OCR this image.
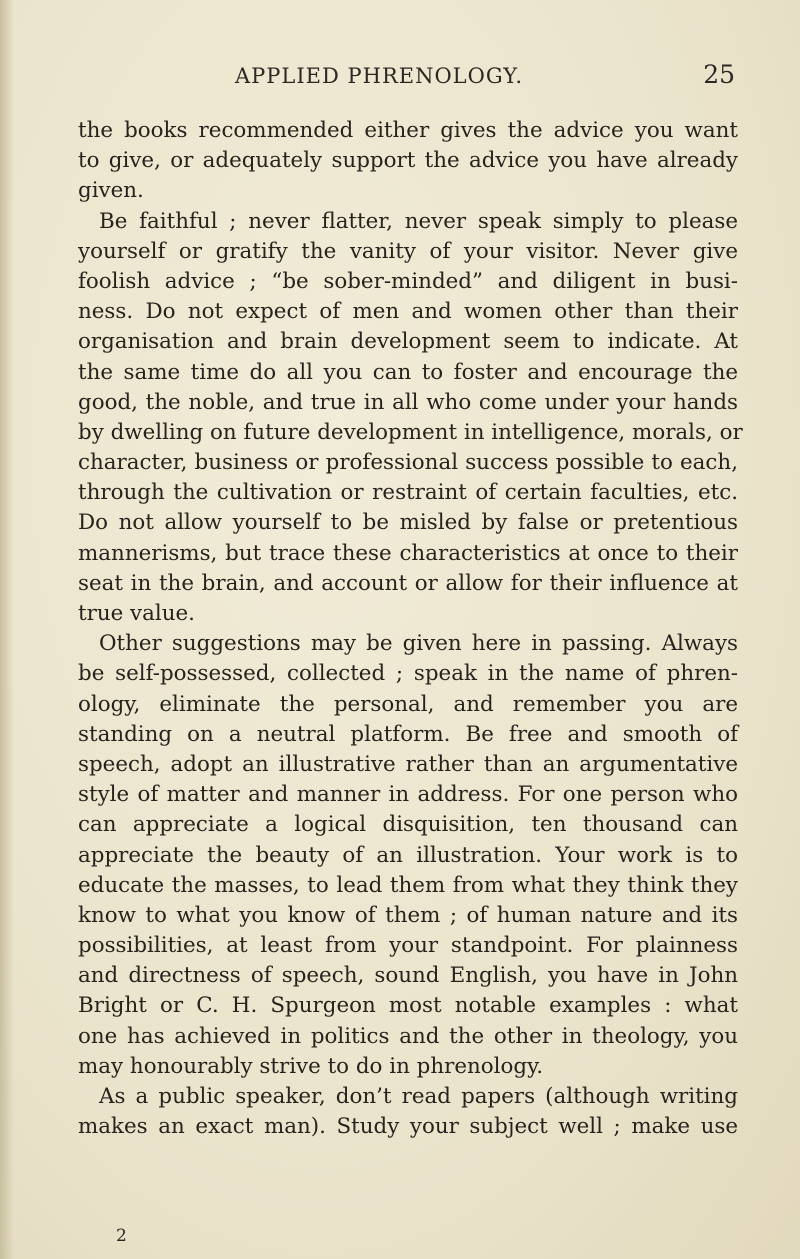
APPLIED PHRENOLOGY.	25
the books recommended either gives the advice you want
to give, or adequately support the advice you have already
given.
Be faithful ; never flatter, never speak simply to please
yourself or gratify the vanity of your visitor. Never give
foolish advice ; “be sober-minded” and diligent in busi-
ness. Do not expect of men and women other than their
organisation and brain development seem to indicate. At
the same time do all you can to foster and encourage the
good, the noble, and true in all who come under your hands
by dwelling on future development in intelligence, morals, or
character, business or professional success possible to each,
through the cultivation or restraint of certain faculties, etc.
Do not allow yourself to be misled by false or pretentious
mannerisms, but trace these characteristics at once to their
seat in the brain, and account or allow for their influence at
true value.
Other suggestions may be given here in passing. Always
be self-possessed, collected ; speak in the name of phren-
ology, eliminate the personal, and remember you are
standing on a neutral platform. Be free and smooth of
speech, adopt an illustrative rather than an argumentative
style of matter and manner in address. For one person who
can appreciate a logical disquisition, ten thousand can
appreciate the beauty of an illustration. Your work is to
educate the masses, to lead them from what they think they
know to what you know of them ; of human nature and its
possibilities, at least from your standpoint. For plainness
and directness of speech, sound English, you have in John
Bright or C. H. Spurgeon most notable examples : what
one has achieved in politics and the other in theology, you
may honourably strive to do in phrenology.
As a public speaker, don’t read papers (although writing
makes an exact man). Study your subject well ; make use
2
